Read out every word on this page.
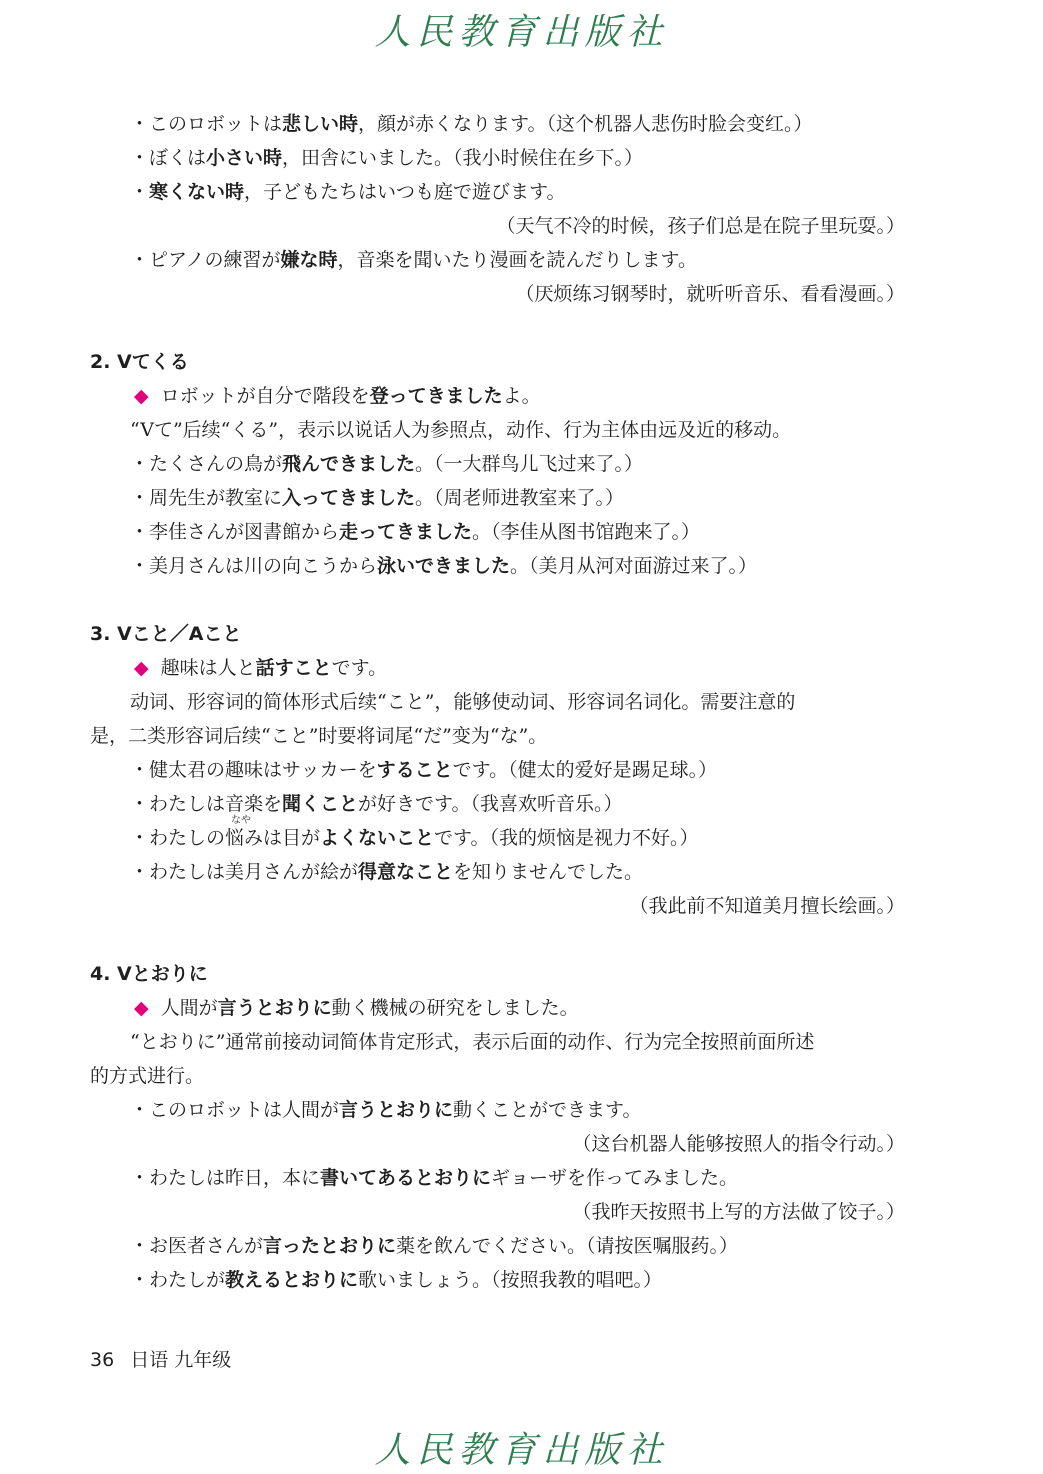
人民教育出版社
・このロボットは悲しい時，顔が赤くなります。（这个机器人悲伤时脸会变红。）
・ぼくは小さい時，田舎にいました。（我小时候住在乡下。）
・寒くない時，子どもたちはいつも庭で遊びます。
（天气不冷的时候，孩子们总是在院子里玩耍。）
・ピアノの練習が嫌な時，音楽を聞いたり漫画を読んだりします。
（厌烦练习钢琴时，就听听音乐、看看漫画。）
2. Vてくる
◆ ロボットが自分で階段を登ってきましたよ。
“Vて”后续“くる”，表示以说话人为参照点，动作、行为主体由远及近的移动。
・たくさんの鳥が飛んできました。（一大群鸟儿飞过来了。）
・周先生が教室に入ってきました。（周老师进教室来了。）
・李佳さんが図書館から走ってきました。（李佳从图书馆跑来了。）
・美月さんは川の向こうから泳いできました。（美月从河对面游过来了。）
3. Vこと／Aこと
◆ 趣味は人と話すことです。
动词、形容词的简体形式后续“こと”，能够使动词、形容词名词化。需要注意的
是，二类形容词后续“こと”时要将词尾“だ”变为“な”。
・健太君の趣味はサッカーをすることです。（健太的爱好是踢足球。）
・わたしは音楽を聞くことが好きです。（我喜欢听音乐。）
なや
・わたしの悩みは目がよくないことです。（我的烦恼是视力不好。）
・わたしは美月さんが絵が得意なことを知りませんでした。
（我此前不知道美月擅长绘画。）
4. Vとおりに
◆ 人間が言うとおりに動く機械の研究をしました。
“とおりに”通常前接动词简体肯定形式，表示后面的动作、行为完全按照前面所述
的方式进行。
・このロボットは人間が言うとおりに動くことができます。
（这台机器人能够按照人的指令行动。）
・わたしは昨日，本に書いてあるとおりにギョーザを作ってみました。
（我昨天按照书上写的方法做了饺子。）
・お医者さんが言ったとおりに薬を飲んでください。（请按医嘱服药。）
・わたしが教えるとおりに歌いましょう。（按照我教的唱吧。）
36 日语 九年级
人民教育出版社
